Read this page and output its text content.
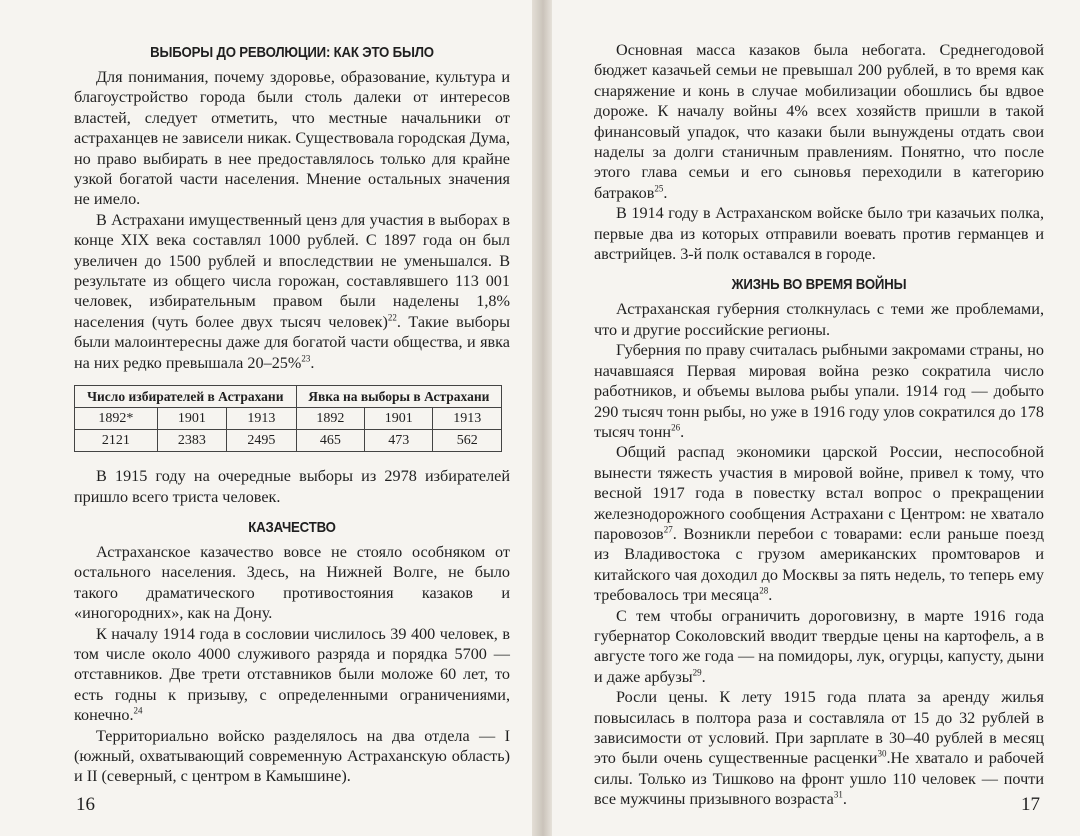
ВЫБОРЫ ДО РЕВОЛЮЦИИ: КАК ЭТО БЫЛО

Для понимания, почему здоровье, образование, культура и благоустройство города были столь далеки от интересов властей, следует отметить, что местные начальники от астраханцев не зависели никак. Существовала городская Дума, но право выбирать в нее предоставлялось только для крайне узкой богатой части населения. Мнение остальных значения не имело.

В Астрахани имущественный ценз для участия в выборах в конце XIX века составлял 1000 рублей. С 1897 года он был увеличен до 1500 рублей и впоследствии не уменьшался. В результате из общего числа горожан, составлявшего 113 001 человек, избирательным правом были наделены 1,8% населения (чуть более двух тысяч человек)$^{22}$. Такие выборы были малоинтересны даже для богатой части общества, и явка на них редко превышала 20–25%$^{23}$.

Число избирателей в Астрахани			Явка на выборы в Астрахани		
1892*	1901	1913	1892	1901	1913
2121	2383	2495	465	473	562

В 1915 году на очередные выборы из 2978 избирателей пришло всего триста человек.

КАЗАЧЕСТВО

Астраханское казачество вовсе не стояло особняком от остального населения. Здесь, на Нижней Волге, не было такого драматического противостояния казаков и «иногородних», как на Дону.

К началу 1914 года в сословии числилось 39 400 человек, в том числе около 4000 служивого разряда и порядка 5700 — отставников. Две трети отставников были моложе 60 лет, то есть годны к призыву, с определенными ограничениями, конечно.$^{24}$

Территориально войско разделялось на два отдела — I (южный, охватывающий современную Астраханскую область) и II (северный, с центром в Камышине).

16

Основная масса казаков была небогата. Среднегодовой бюджет казачьей семьи не превышал 200 рублей, в то время как снаряжение и конь в случае мобилизации обошлись бы вдвое дороже. К началу войны 4% всех хозяйств пришли в такой финансовый упадок, что казаки были вынуждены отдать свои наделы за долги станичным правлениям. Понятно, что после этого глава семьи и его сыновья переходили в категорию батраков$^{25}$.

В 1914 году в Астраханском войске было три казачьих полка, первые два из которых отправили воевать против германцев и австрийцев. 3-й полк оставался в городе.

ЖИЗНЬ ВО ВРЕМЯ ВОЙНЫ

Астраханская губерния столкнулась с теми же проблемами, что и другие российские регионы.

Губерния по праву считалась рыбными закромами страны, но начавшаяся Первая мировая война резко сократила число работников, и объемы вылова рыбы упали. 1914 год — добыто 290 тысяч тонн рыбы, но уже в 1916 году улов сократился до 178 тысяч тонн$^{26}$.

Общий распад экономики царской России, неспособной вынести тяжесть участия в мировой войне, привел к тому, что весной 1917 года в повестку встал вопрос о прекращении железнодорожного сообщения Астрахани с Центром: не хватало паровозов$^{27}$. Возникли перебои с товарами: если раньше поезд из Владивостока с грузом американских промтоваров и китайского чая доходил до Москвы за пять недель, то теперь ему требовалось три месяца$^{28}$.

С тем чтобы ограничить дороговизну, в марте 1916 года губернатор Соколовский вводит твердые цены на картофель, а в августе того же года — на помидоры, лук, огурцы, капусту, дыни и даже арбузы$^{29}$.

Росли цены. К лету 1915 года плата за аренду жилья повысилась в полтора раза и составляла от 15 до 32 рублей в зависимости от условий. При зарплате в 30–40 рублей в месяц это были очень существенные расценки$^{30}$.Не хватало и рабочей силы. Только из Тишково на фронт ушло 110 человек — почти все мужчины призывного возраста$^{31}$.	17
